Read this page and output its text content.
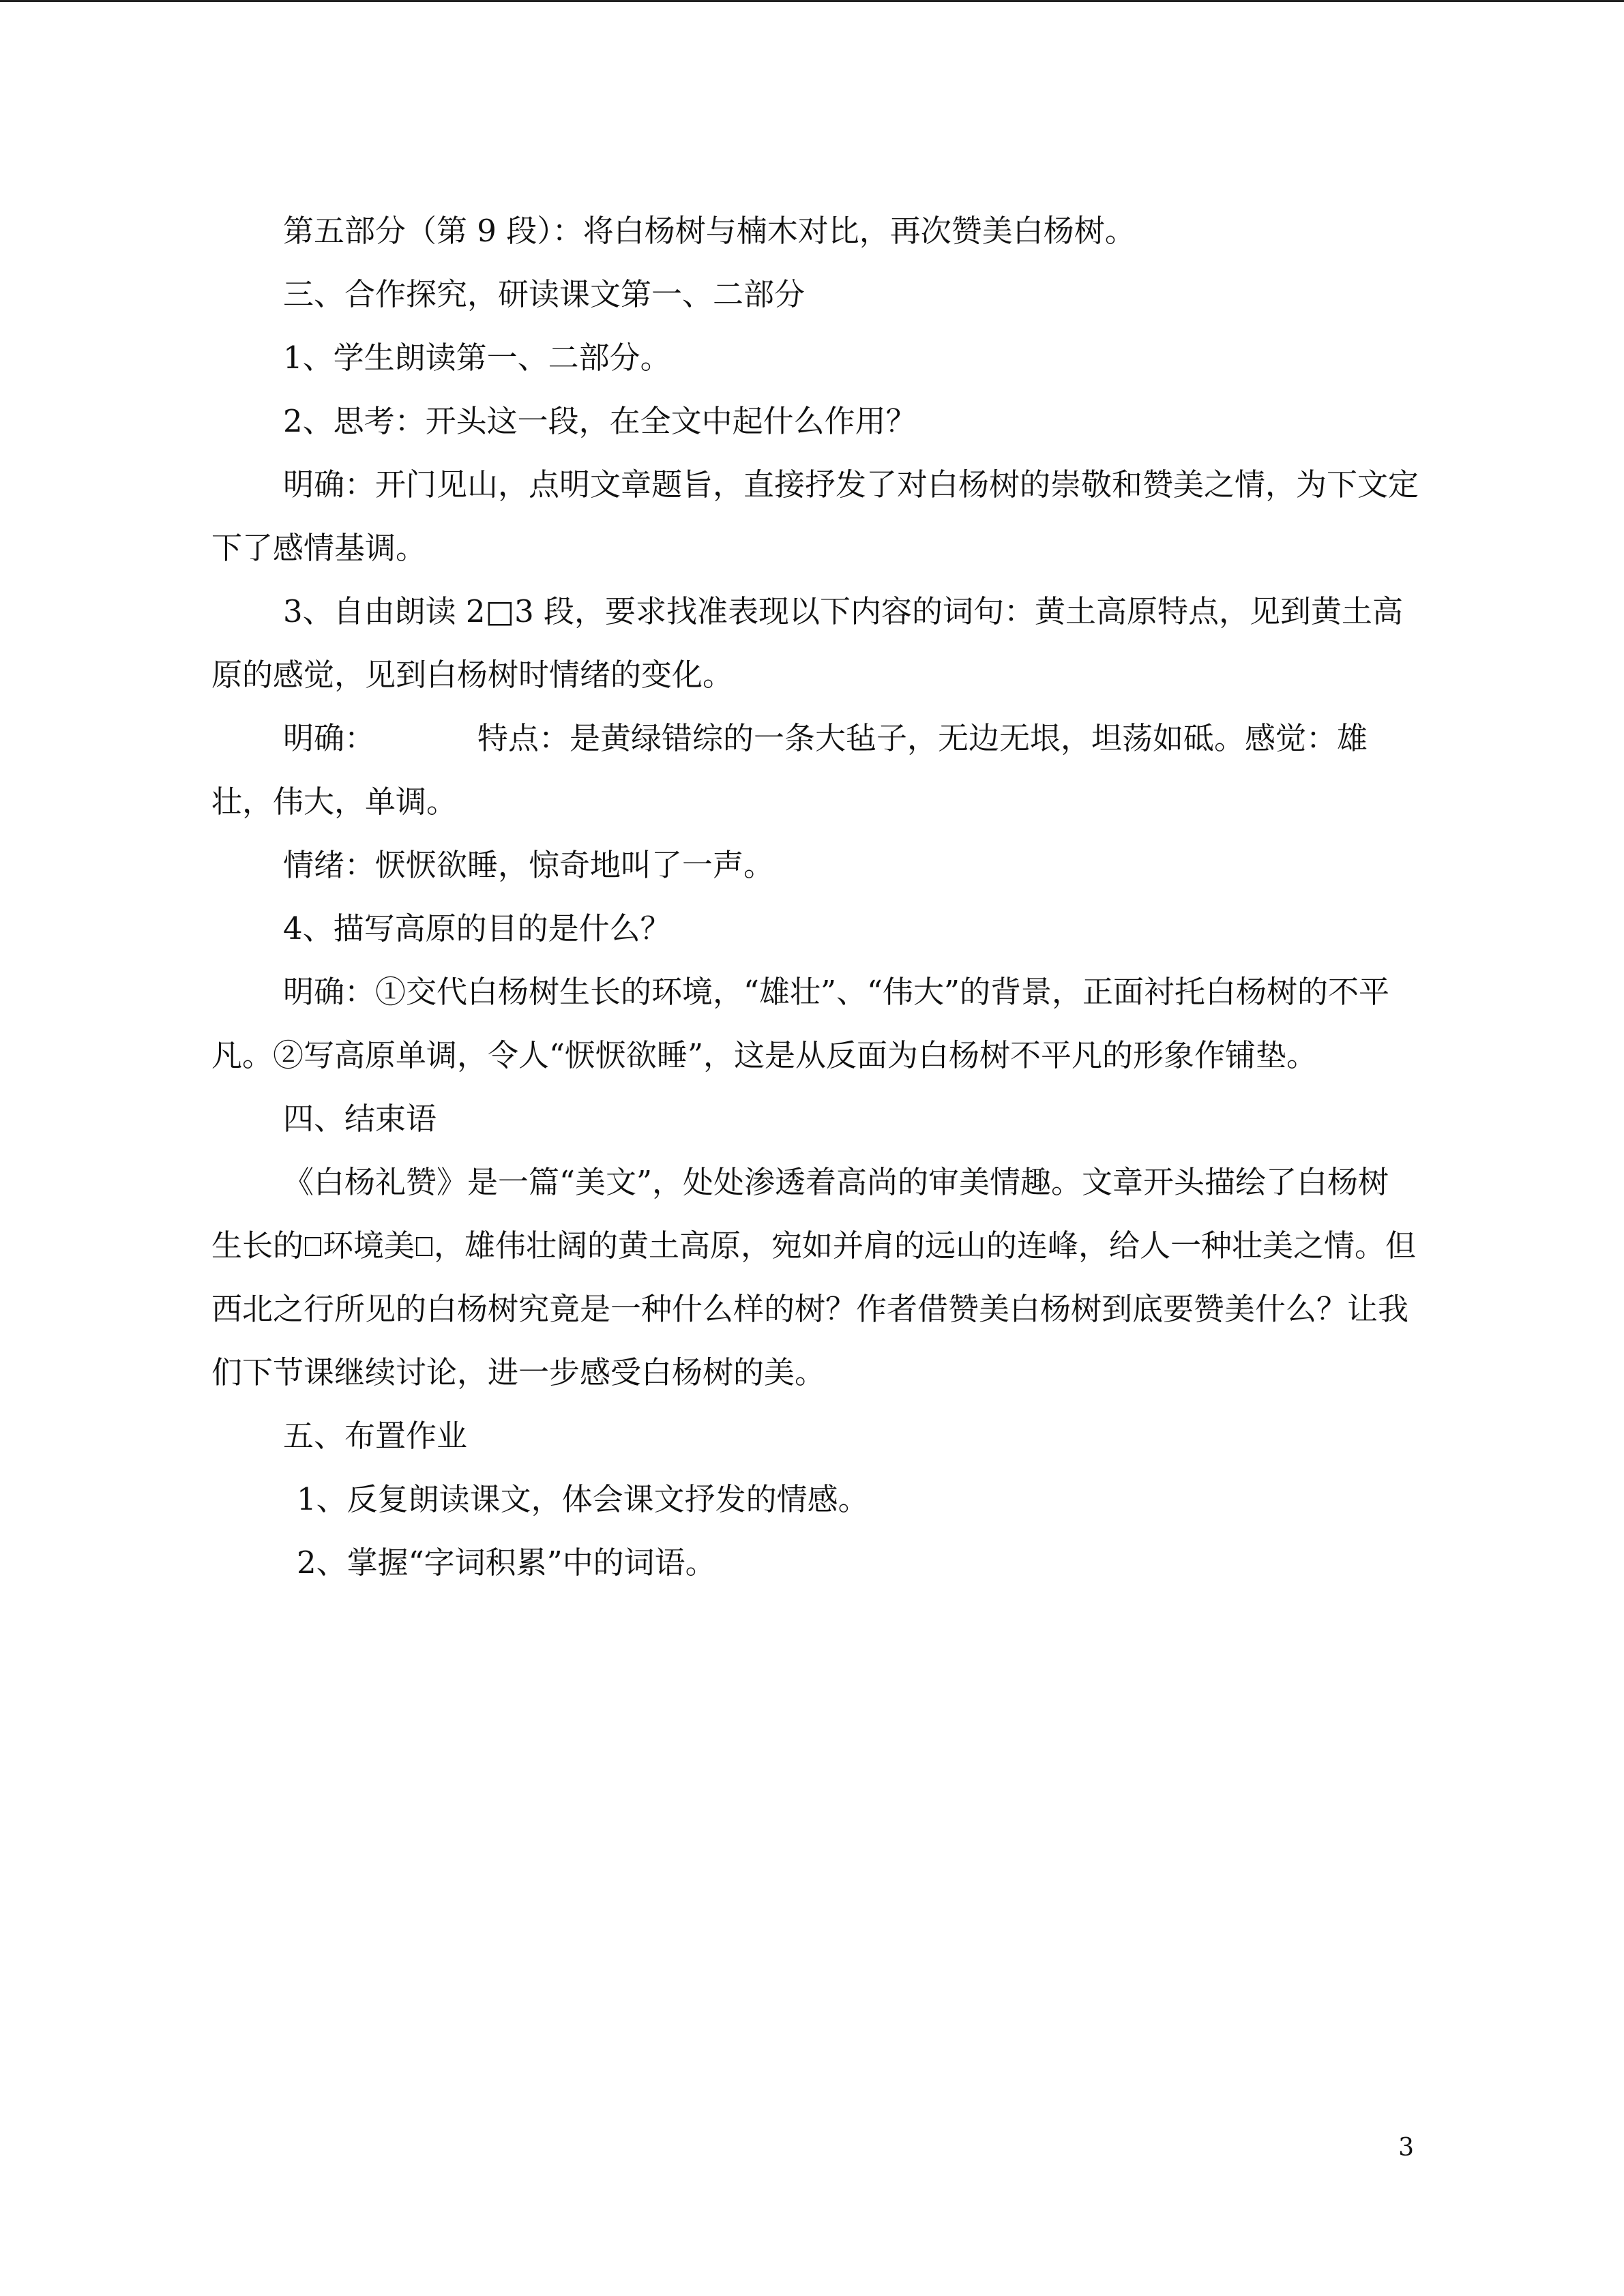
第五部分（第 9 段）：将白杨树与楠木对比，再次赞美白杨树。

三、合作探究，研读课文第一、二部分

1、学生朗读第一、二部分。

2、思考：开头这一段，在全文中起什么作用？

明确：开门见山，点明文章题旨，直接抒发了对白杨树的崇敬和赞美之情，为下文定下了感情基调。

3、自由朗读 2□3 段，要求找准表现以下内容的词句：黄土高原特点，见到黄土高原的感觉，见到白杨树时情绪的变化。

明确：	特点：是黄绿错综的一条大毡子，无边无垠，坦荡如砥。感觉：雄壮，伟大，单调。

情绪：恹恹欲睡，惊奇地叫了一声。

4、描写高原的目的是什么？

明确：①交代白杨树生长的环境，“雄壮”、“伟大”的背景，正面衬托白杨树的不平凡。②写高原单调，令人“恹恹欲睡”，这是从反面为白杨树不平凡的形象作铺垫。

四、结束语

《白杨礼赞》是一篇“美文”，处处渗透着高尚的审美情趣。文章开头描绘了白杨树生长的 环境美 ，雄伟壮阔的黄土高原，宛如并肩的远山的连峰，给人一种壮美之情。但西北之行所见的白杨树究竟是一种什么样的树？作者借赞美白杨树到底要赞美什么？让我们下节课继续讨论，进一步感受白杨树的美。

五、布置作业

1、反复朗读课文，体会课文抒发的情感。

2、掌握“字词积累”中的词语。

3
